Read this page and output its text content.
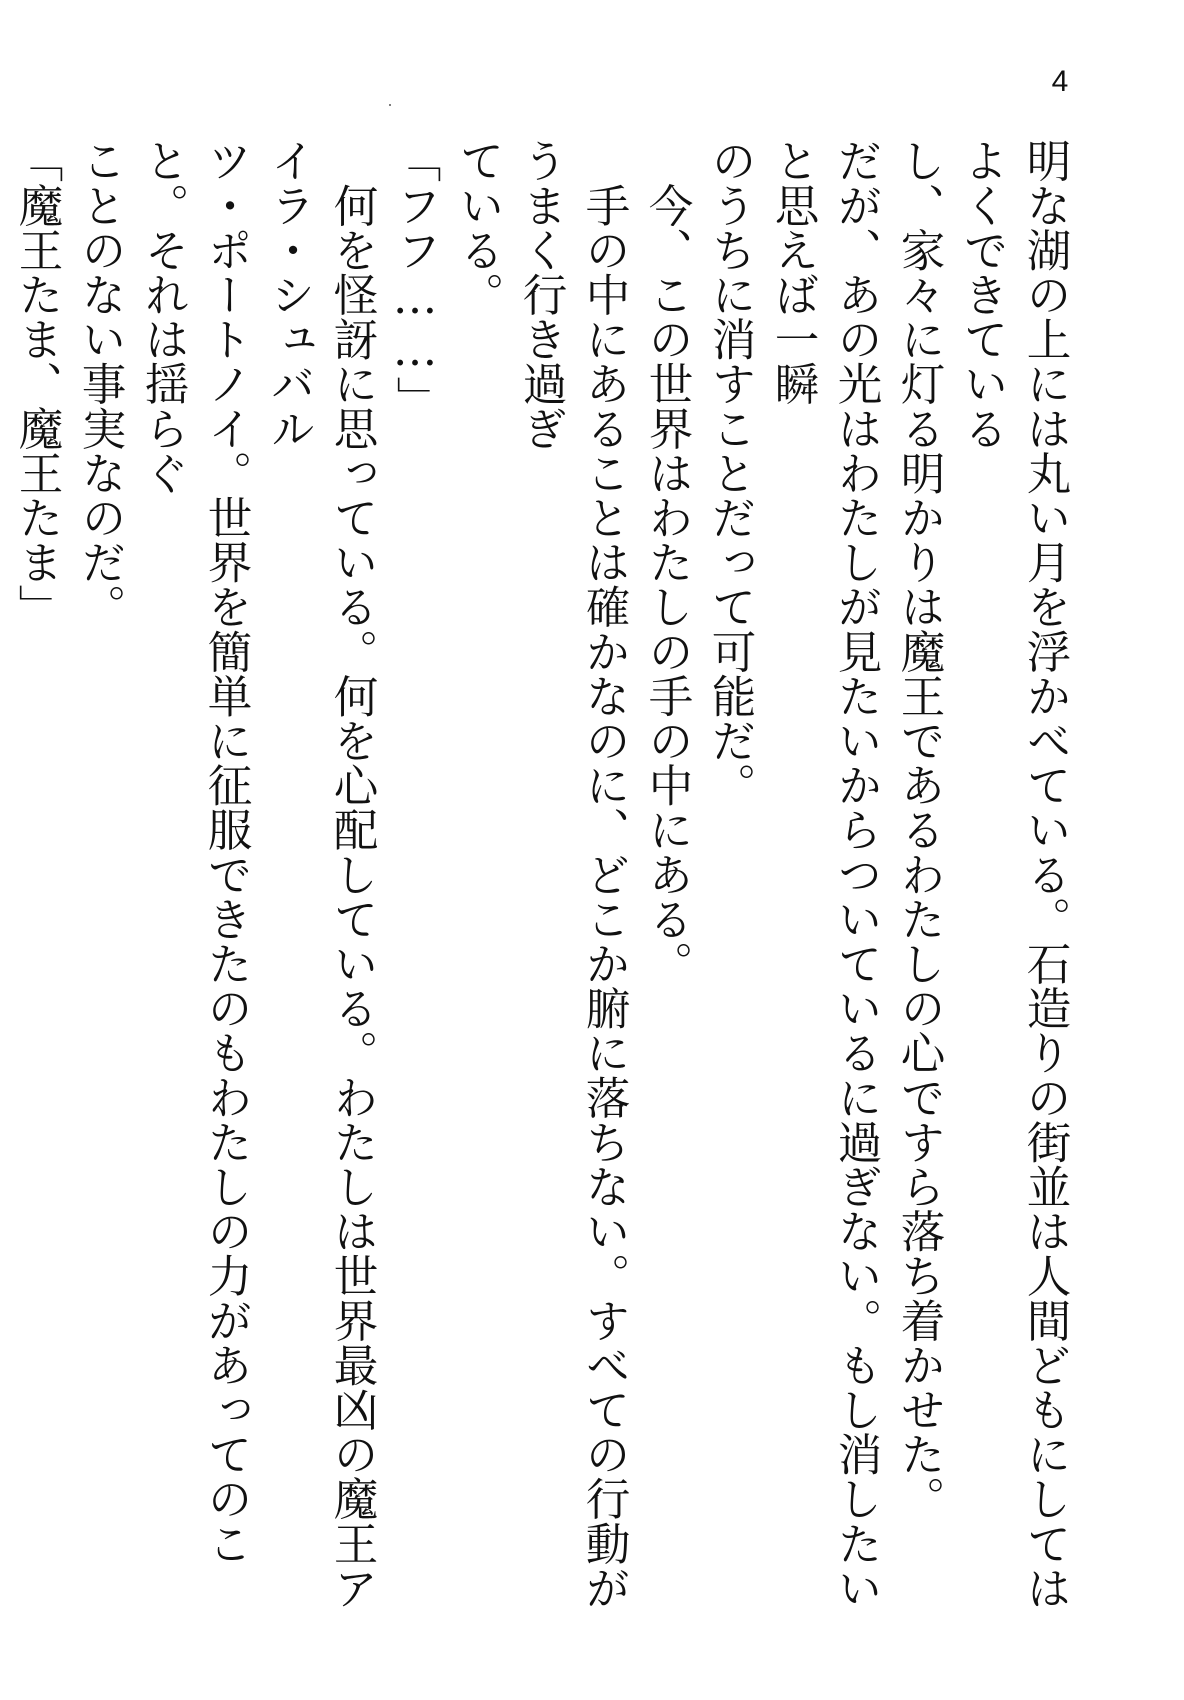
4

明な湖の上には丸い月を浮かべている。石造りの街並は人間どもにしてはよくできている

し、家々に灯る明かりは魔王であるわたしの心ですら落ち着かせた。

だが、あの光はわたしが見たいからついているに過ぎない。もし消したいと思えば一瞬

のうちに消すことだって可能だ。

　今、この世界はわたしの手の中にある。

　手の中にあることは確かなのに、どこか腑に落ちない。すべての行動がうまく行き過ぎ

ている。

「フフ……」

　何を怪訝に思っている。何を心配している。わたしは世界最凶の魔王アイラ・シュバル

ツ・ポートノイ。世界を簡単に征服できたのもわたしの力があってのこと。それは揺らぐ

ことのない事実なのだ。

「魔王たま、魔王たま」
